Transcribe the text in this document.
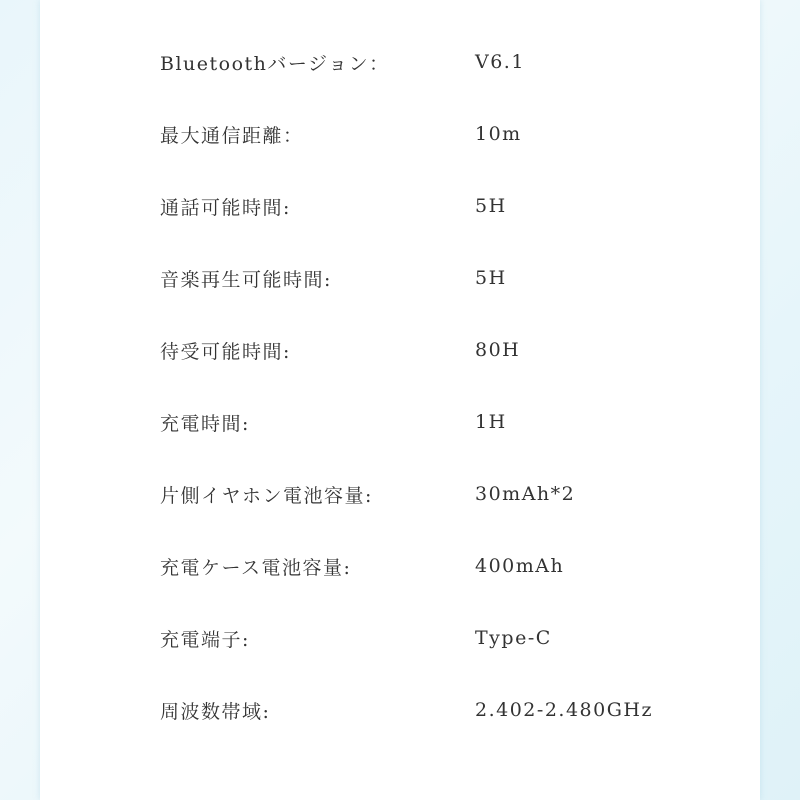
Bluetoothバージョン：	V6.1
最大通信距離：	10m
通話可能時間:	5H
音楽再生可能時間:	5H
待受可能時間:	80H
充電時間:	1H
片側イヤホン電池容量:	30mAh*2
充電ケース電池容量:	400mAh
充電端子:	Type-C
周波数帯域:	2.402-2.480GHz
